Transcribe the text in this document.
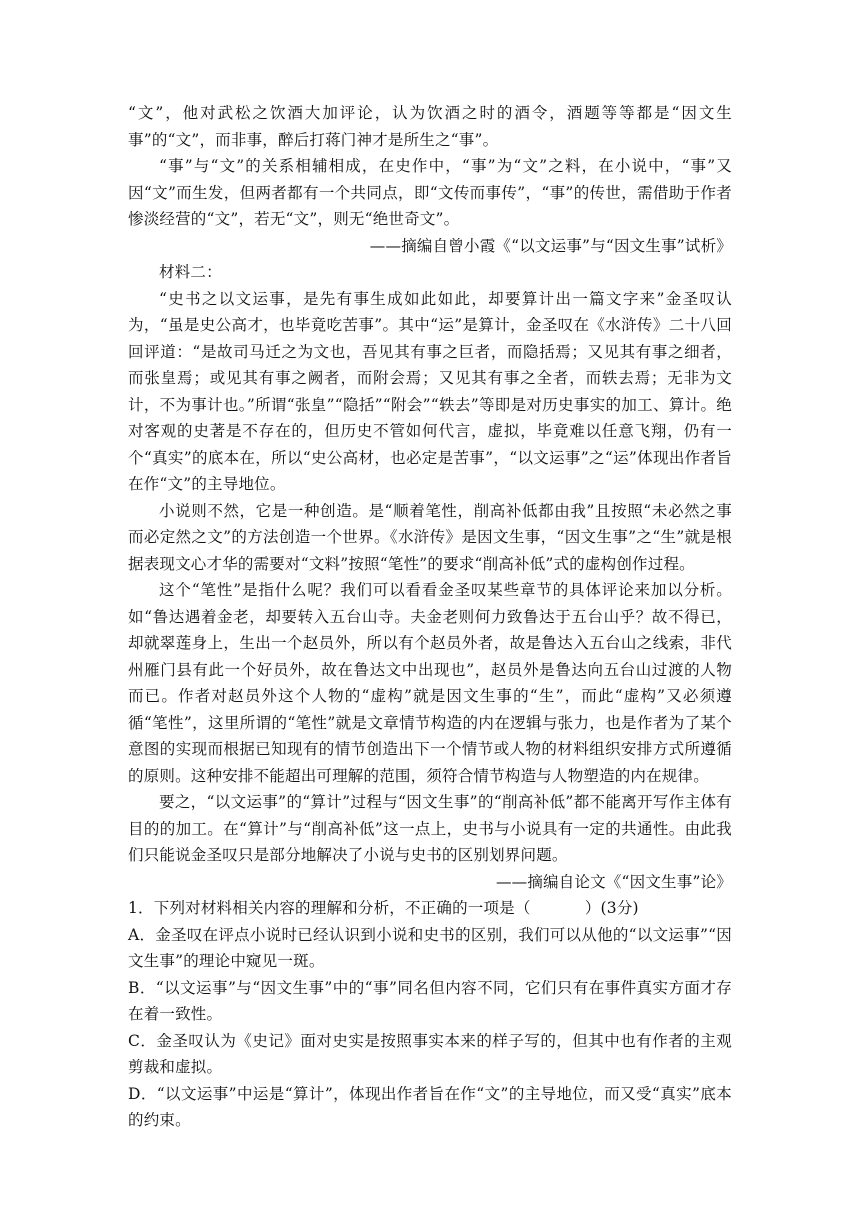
“文”，他对武松之饮酒大加评论，认为饮酒之时的酒令，酒题等等都是“因文生事”的“文”，而非事，醉后打蒋门神才是所生之“事”。

“事”与“文”的关系相辅相成，在史作中，“事”为“文”之料，在小说中，“事”又因“文”而生发，但两者都有一个共同点，即“文传而事传”，“事”的传世，需借助于作者惨淡经营的“文”，若无“文”，则无“绝世奇文”。

——摘编自曾小霞《“以文运事”与“因文生事”试析》

材料二：

“史书之以文运事，是先有事生成如此如此，却要算计出一篇文字来”金圣叹认为，“虽是史公高才，也毕竟吃苦事”。其中“运”是算计，金圣叹在《水浒传》二十八回回评道：“是故司马迁之为文也，吾见其有事之巨者，而隐括焉；又见其有事之细者，而张皇焉；或见其有事之阙者，而附会焉；又见其有事之全者，而轶去焉；无非为文计，不为事计也。”所谓“张皇”“隐括”“附会”“轶去”等即是对历史事实的加工、算计。绝对客观的史著是不存在的，但历史不管如何代言，虚拟，毕竟难以任意飞翔，仍有一个“真实”的底本在，所以“史公高材，也必定是苦事”，“以文运事”之“运”体现出作者旨在作“文”的主导地位。

小说则不然，它是一种创造。是“顺着笔性，削高补低都由我”且按照“未必然之事而必定然之文”的方法创造一个世界。《水浒传》是因文生事，“因文生事”之“生”就是根据表现文心才华的需要对“文料”按照“笔性”的要求“削高补低”式的虚构创作过程。

这个“笔性”是指什么呢？我们可以看看金圣叹某些章节的具体评论来加以分析。如“鲁达遇着金老，却要转入五台山寺。夫金老则何力致鲁达于五台山乎？故不得已，却就翠莲身上，生出一个赵员外，所以有个赵员外者，故是鲁达入五台山之线索，非代州雁门县有此一个好员外，故在鲁达文中出现也”，赵员外是鲁达向五台山过渡的人物而已。作者对赵员外这个人物的“虚构”就是因文生事的“生”，而此“虚构”又必须遵循“笔性”，这里所谓的“笔性”就是文章情节构造的内在逻辑与张力，也是作者为了某个意图的实现而根据已知现有的情节创造出下一个情节或人物的材料组织安排方式所遵循的原则。这种安排不能超出可理解的范围，须符合情节构造与人物塑造的内在规律。

要之，“以文运事”的“算计”过程与“因文生事”的“削高补低”都不能离开写作主体有目的的加工。在“算计”与“削高补低”这一点上，史书与小说具有一定的共通性。由此我们只能说金圣叹只是部分地解决了小说与史书的区别划界问题。

——摘编自论文《“因文生事”论》

1．下列对材料相关内容的理解和分析，不正确的一项是（	）(3分)

A．金圣叹在评点小说时已经认识到小说和史书的区别，我们可以从他的“以文运事”“因文生事”的理论中窥见一斑。

B．“以文运事”与“因文生事”中的“事”同名但内容不同，它们只有在事件真实方面才存在着一致性。

C．金圣叹认为《史记》面对史实是按照事实本来的样子写的，但其中也有作者的主观剪裁和虚拟。

D．“以文运事”中运是“算计”，体现出作者旨在作“文”的主导地位，而又受“真实”底本的约束。
